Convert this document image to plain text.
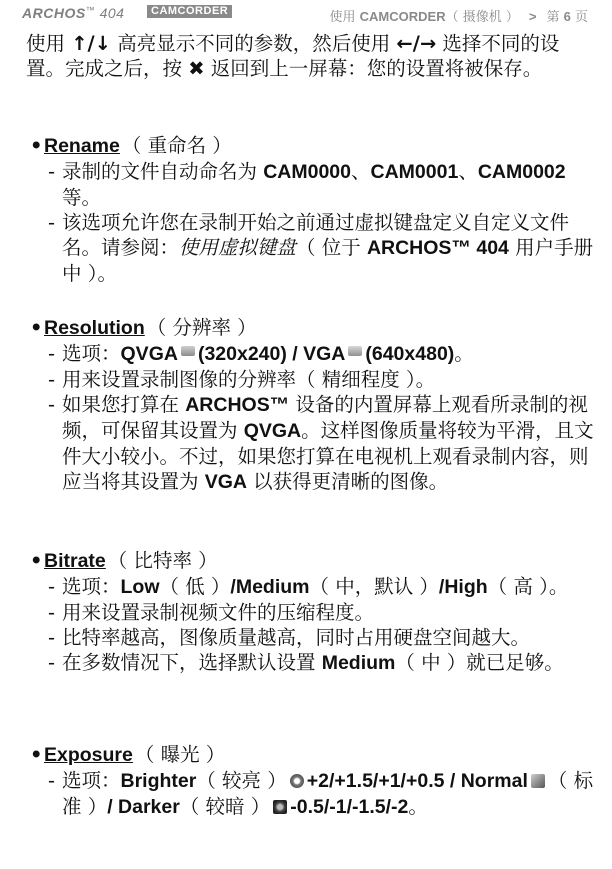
ARCHOS™ 404	CAMCORDER	使用 CAMCORDER（ 摄像机 ） > 第 6 页
使用 ↑/↓ 高亮显示不同的参数，然后使用 ←/→ 选择不同的设置。完成之后，按 ✖ 返回到上一屏幕：您的设置将被保存。
• Rename （ 重命名 ）
- 录制的文件自动命名为 CAM0000、CAM0001、CAM0002 等。
- 该选项允许您在录制开始之前通过虚拟键盘定义自定义文件名。请参阅：使用虚拟键盘（ 位于 ARCHOS™ 404 用户手册中 ）。
• Resolution （ 分辨率 ）
- 选项：QVGA (320x240) / VGA (640x480)。
- 用来设置录制图像的分辨率（ 精细程度 ）。
- 如果您打算在 ARCHOS™ 设备的内置屏幕上观看所录制的视频，可保留其设置为 QVGA。这样图像质量将较为平滑，且文件大小较小。不过，如果您打算在电视机上观看录制内容，则应当将其设置为 VGA 以获得更清晰的图像。
• Bitrate （ 比特率 ）
- 选项：Low（ 低 ）/Medium（ 中，默认 ）/High（ 高 ）。
- 用来设置录制视频文件的压缩程度。
- 比特率越高，图像质量越高，同时占用硬盘空间越大。
- 在多数情况下，选择默认设置 Medium（ 中 ）就已足够。
• Exposure （ 曝光 ）
- 选项：Brighter（ 较亮 ） +2/+1.5/+1/+0.5 / Normal （ 标准 ）/ Darker（ 较暗 ） -0.5/-1/-1.5/-2。
